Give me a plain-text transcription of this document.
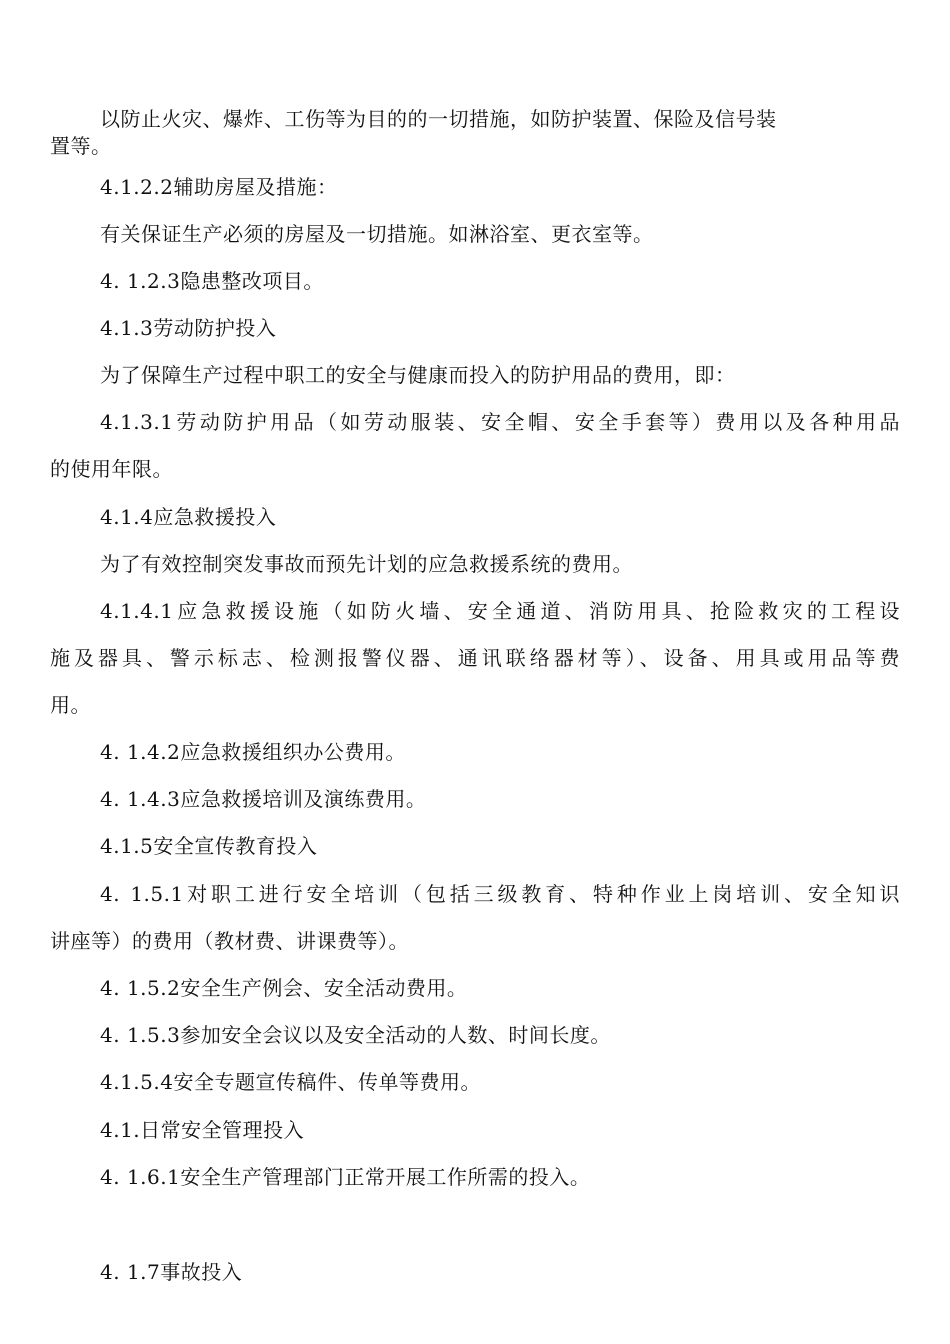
以防止火灾、爆炸、工伤等为目的的一切措施，如防护装置、保险及信号装
置等。
4.1.2.2辅助房屋及措施：
有关保证生产必须的房屋及一切措施。如淋浴室、更衣室等。
4. 1.2.3隐患整改项目。
4.1.3劳动防护投入
为了保障生产过程中职工的安全与健康而投入的防护用品的费用，即：
4.1.3.1劳动防护用品（如劳动服装、安全帽、安全手套等）费用以及各种用品
的使用年限。
4.1.4应急救援投入
为了有效控制突发事故而预先计划的应急救援系统的费用。
4.1.4.1应急救援设施（如防火墙、安全通道、消防用具、抢险救灾的工程设
施及器具、警示标志、检测报警仪器、通讯联络器材等）、设备、用具或用品等费
用。
4. 1.4.2应急救援组织办公费用。
4. 1.4.3应急救援培训及演练费用。
4.1.5安全宣传教育投入
4. 1.5.1对职工进行安全培训（包括三级教育、特种作业上岗培训、安全知识
讲座等）的费用（教材费、讲课费等）。
4. 1.5.2安全生产例会、安全活动费用。
4. 1.5.3参加安全会议以及安全活动的人数、时间长度。
4.1.5.4安全专题宣传稿件、传单等费用。
4.1.日常安全管理投入
4. 1.6.1安全生产管理部门正常开展工作所需的投入。
4. 1.7事故投入
